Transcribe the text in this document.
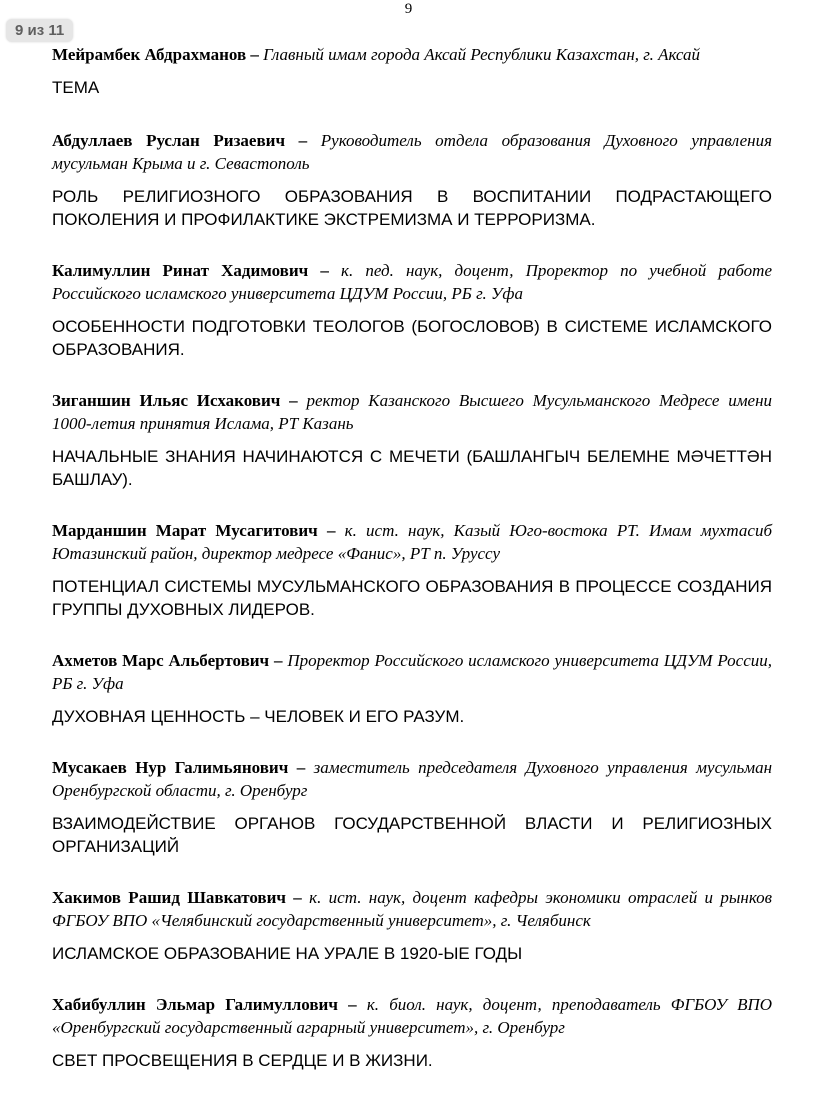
9
9 из 11

Мейрамбек Абдрахманов – Главный имам города Аксай Республики Казахстан, г. Аксай

ТЕМА

Абдуллаев Руслан Ризаевич – Руководитель отдела образования Духовного управления мусульман Крыма и г. Севастополь

РОЛЬ РЕЛИГИОЗНОГО ОБРАЗОВАНИЯ В ВОСПИТАНИИ ПОДРАСТАЮЩЕГО ПОКОЛЕНИЯ И ПРОФИЛАКТИКЕ ЭКСТРЕМИЗМА И ТЕРРОРИЗМА.

Калимуллин Ринат Хадимович – к. пед. наук, доцент, Проректор по учебной работе Российского исламского университета ЦДУМ России, РБ г. Уфа

ОСОБЕННОСТИ ПОДГОТОВКИ ТЕОЛОГОВ (БОГОСЛОВОВ) В СИСТЕМЕ ИСЛАМСКОГО ОБРАЗОВАНИЯ.

Зиганшин Ильяс Исхакович – ректор Казанского Высшего Мусульманского Медресе имени 1000-летия принятия Ислама, РТ Казань

НАЧАЛЬНЫЕ ЗНАНИЯ НАЧИНАЮТСЯ С МЕЧЕТИ (БАШЛАНГЫЧ БЕЛЕМНЕ МӘЧЕТТӘН БАШЛАУ).

Марданшин Марат Мусагитович – к. ист. наук, Казый Юго-востока РТ. Имам мухтасиб Ютазинский район, директор медресе «Фанис», РТ п. Уруссу

ПОТЕНЦИАЛ СИСТЕМЫ МУСУЛЬМАНСКОГО ОБРАЗОВАНИЯ В ПРОЦЕССЕ СОЗДАНИЯ ГРУППЫ ДУХОВНЫХ ЛИДЕРОВ.

Ахметов Марс Альбертович – Проректор Российского исламского университета ЦДУМ России, РБ г. Уфа

ДУХОВНАЯ ЦЕННОСТЬ – ЧЕЛОВЕК И ЕГО РАЗУМ.

Мусакаев Нур Галимьянович – заместитель председателя Духовного управления мусульман Оренбургской области, г. Оренбург

ВЗАИМОДЕЙСТВИЕ ОРГАНОВ ГОСУДАРСТВЕННОЙ ВЛАСТИ И РЕЛИГИОЗНЫХ ОРГАНИЗАЦИЙ

Хакимов Рашид Шавкатович – к. ист. наук, доцент кафедры экономики отраслей и рынков ФГБОУ ВПО «Челябинский государственный университет», г. Челябинск

ИСЛАМСКОЕ ОБРАЗОВАНИЕ НА УРАЛЕ В 1920-ЫЕ ГОДЫ

Хабибуллин Эльмар Галимуллович – к. биол. наук, доцент, преподаватель ФГБОУ ВПО «Оренбургский государственный аграрный университет», г. Оренбург

СВЕТ ПРОСВЕЩЕНИЯ В СЕРДЦЕ И В ЖИЗНИ.
